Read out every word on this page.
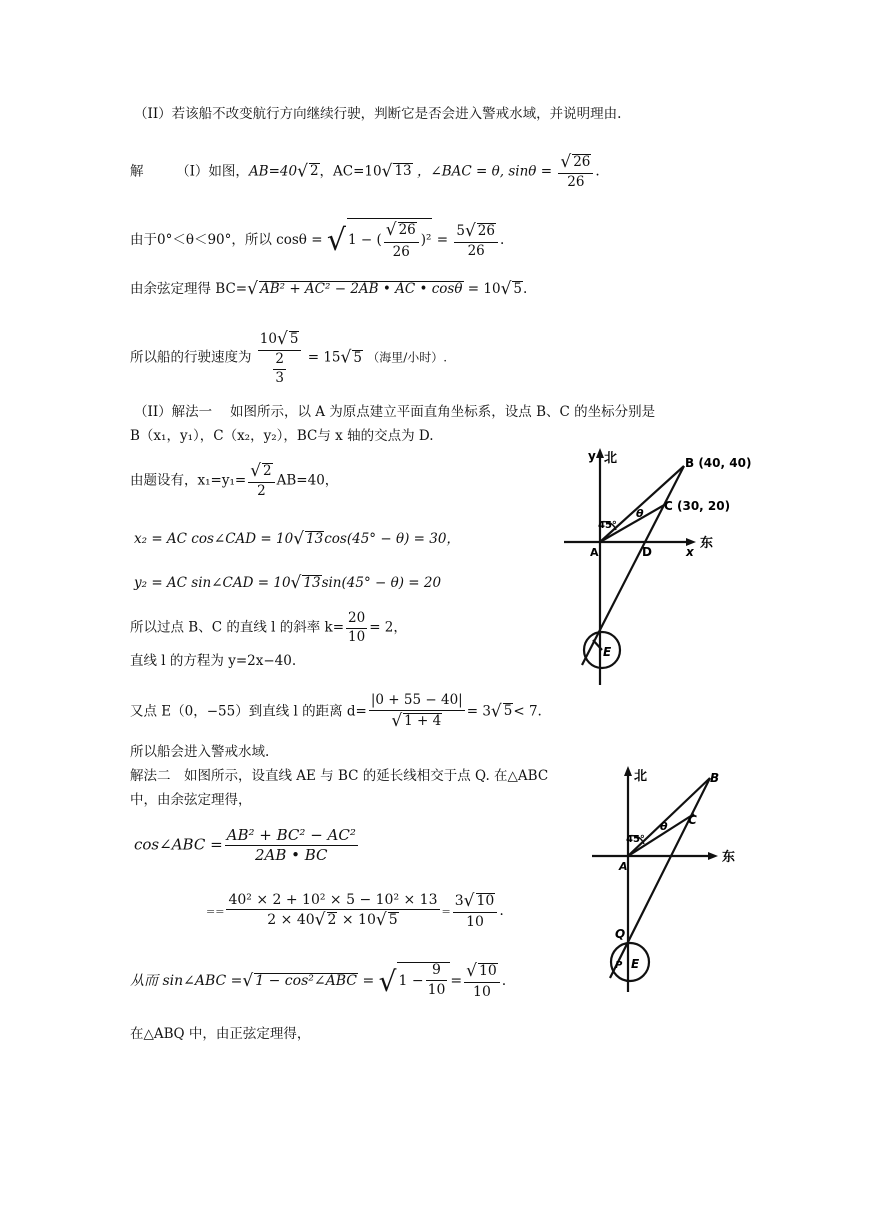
（II）若该船不改变航行方向继续行驶，判断它是否会进入警戒水域，并说明理由.
解 （I）如图，AB=40√ 2，AC=10√ 13 ，∠BAC = θ, $\sin\theta = \frac{√ 26}{26}$ .
由于0°＜θ＜90°，所以 cosθ = √ 1 − ( $\frac{√ 26}{26} )^2 = \frac{5√ 26}{26}$ .
由余弦定理得 BC=√ AB² + AC² − 2AB • AC • cosθ = 10√ 5.
所以船的行驶速度为 $\frac{10√ 5}{\frac{2}{3}} = 15√$ 5 （海里/小时）.
（II）解法一　 如图所示，以 A 为原点建立平面直角坐标系，设点 B、C 的坐标分别是
B（x₁，y₁），C（x₂，y₂），BC与 x 轴的交点为 D.
由题设有，$x_1=y_1= \frac{√ 2}{2} AB=40$，
x₂ = AC cos∠CAD = 10√ 13cos(45° − θ) = 30，
y₂ = AC sin∠CAD = 10√ 13sin(45° − θ) = 20
所以过点 B、C 的直线 l 的斜率 $k= \frac{20}{10} = 2$，
直线 l 的方程为 y=2x−40.
又点 E（0，−55）到直线 l 的距离 $d= \frac{|0 + 55 - 40|}{√ 1 + 4} = 3√$ 5< 7.
所以船会进入警戒水域.
解法二　如图所示，设直线 AE 与 BC 的延长线相交于点 Q. 在△ABC
中，由余弦定理得，
cos∠ABC = $\frac{\text{AB² + BC² − AC²}}{2AB • BC}$
== $\frac{\text{40² × 2 + 10² × 5 − 10² × 13}}{2 \times 40√ 2 \times 10√ 5} = \frac{3√ 10}{10}$ .
从而 sin∠ABC =√ 1 − cos²∠ABC = √ $1 - \frac{9}{10} = \frac{√ 10}{10}$ .
在△ABQ 中，由正弦定理得，
y 北	B (40, 40)
C (30, 20)
45°
θ
A	D	x
东
E
北	B
C
45°
θ
A
东
Q
P E
